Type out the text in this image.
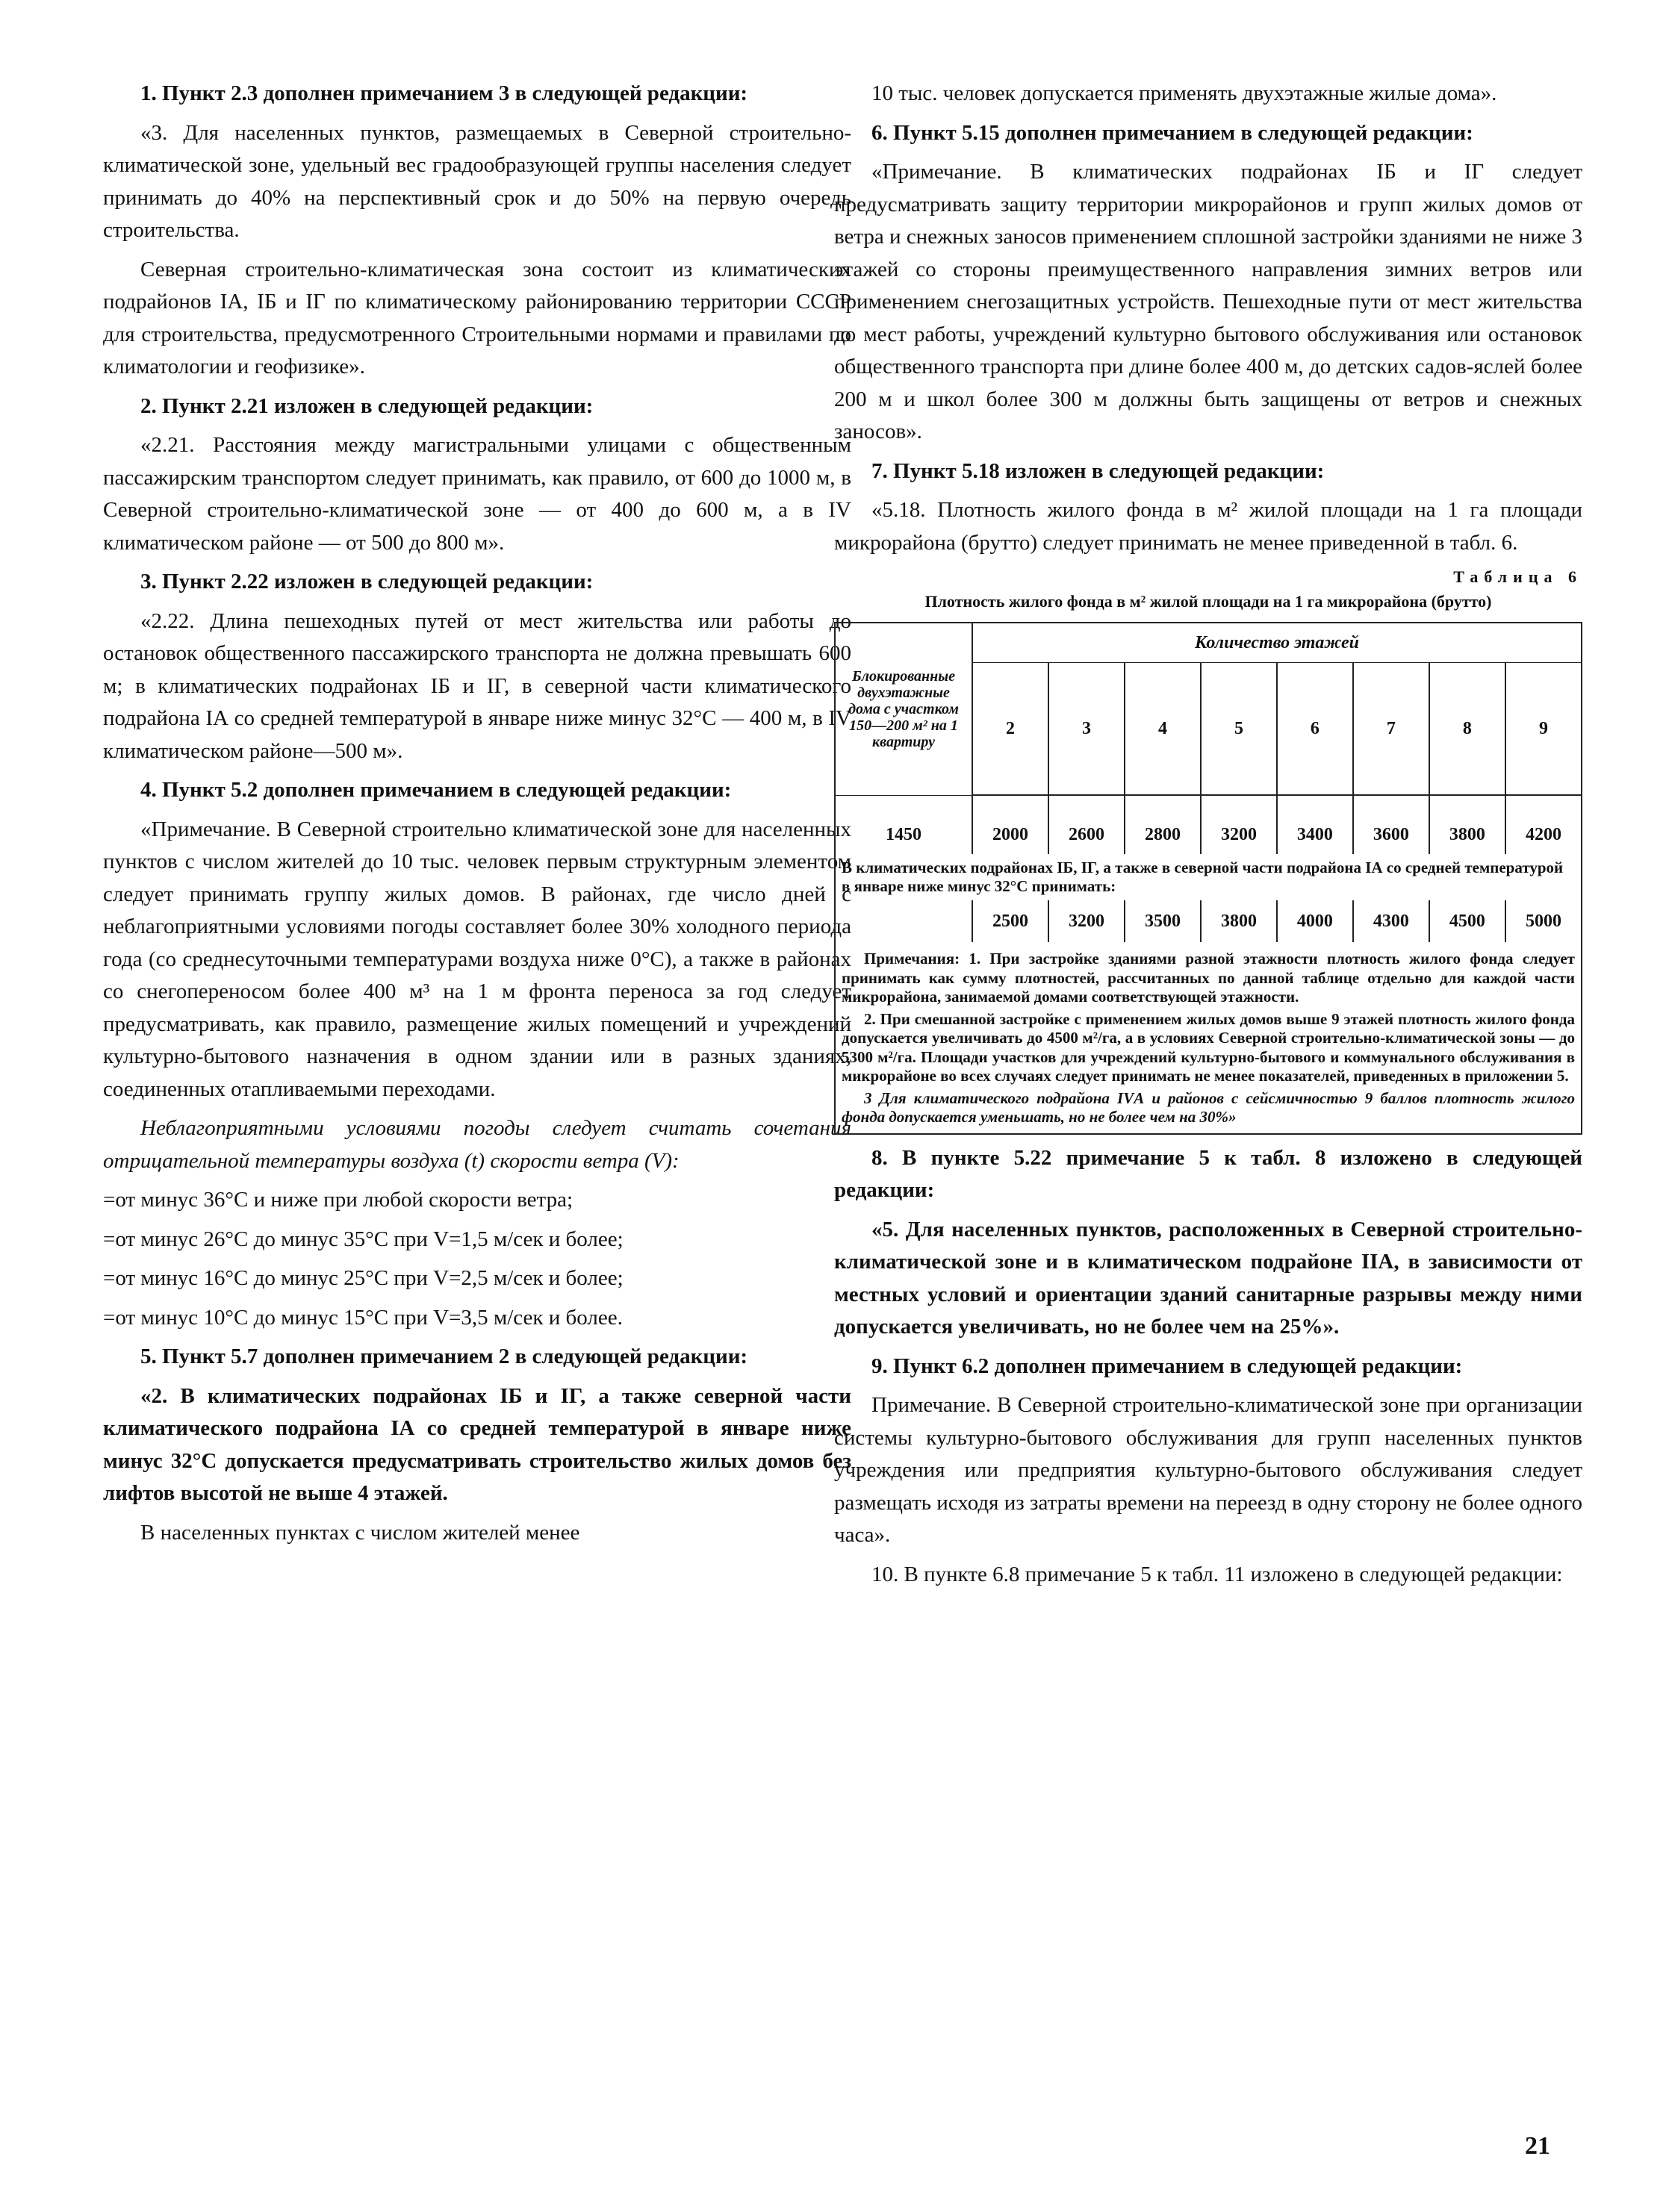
1. Пункт 2.3 дополнен примечанием 3 в следующей редакции:

«3. Для населенных пунктов, размещаемых в Северной строительно-климатической зоне, удельный вес градообразующей группы населения следует принимать до 40% на перспективный срок и до 50% на первую очередь строительства.

Северная строительно-климатическая зона состоит из климатических подрайонов IА, IБ и IГ по климатическому районированию территории СССР для строительства, предусмотренного Строительными нормами и правилами по климатологии и геофизике».

2. Пункт 2.21 изложен в следующей редакции:

«2.21. Расстояния между магистральными улицами с общественным пассажирским транспортом следует принимать, как правило, от 600 до 1000 м, в Северной строительно-климатической зоне — от 400 до 600 м, а в IV климатическом районе — от 500 до 800 м».

3. Пункт 2.22 изложен в следующей редакции:

«2.22. Длина пешеходных путей от мест жительства или работы до остановок общественного пассажирского транспорта не должна превышать 600 м; в климатических подрайонах IБ и IГ, в северной части климатического подрайона IА со средней температурой в январе ниже минус 32°С — 400 м, в IV климатическом районе—500 м».

4. Пункт 5.2 дополнен примечанием в следующей редакции:

«Примечание. В Северной строительно климатической зоне для населенных пунктов с числом жителей до 10 тыс. человек первым структурным элементом следует принимать группу жилых домов. В районах, где число дней с неблагоприятными условиями погоды составляет более 30% холодного периода года (со среднесуточными температурами воздуха ниже 0°С), а также в районах со снегопереносом более 400 м³ на 1 м фронта переноса за год следует предусматривать, как правило, размещение жилых помещений и учреждений культурно-бытового назначения в одном здании или в разных зданиях, соединенных отапливаемыми переходами.

Неблагоприятными условиями погоды следует считать сочетания отрицательной температуры воздуха (t) скорости ветра (V):

=от минус 36°С и ниже при любой скорости ветра;

=от минус 26°С до минус 35°С при V=1,5 м/сек и более;

=от минус 16°С до минус 25°С при V=2,5 м/сек и более;

=от минус 10°С до минус 15°С при V=3,5 м/сек и более.

5. Пункт 5.7 дополнен примечанием 2 в следующей редакции:

«2. В климатических подрайонах IБ и IГ, а также северной части климатического подрайона IА со средней температурой в январе ниже минус 32°С допускается предусматривать строительство жилых домов без лифтов высотой не выше 4 этажей.

В населенных пунктах с числом жителей менее

10 тыс. человек допускается применять двухэтажные жилые дома».

6. Пункт 5.15 дополнен примечанием в следующей редакции:

«Примечание. В климатических подрайонах IБ и IГ следует предусматривать защиту территории микрорайонов и групп жилых домов от ветра и снежных заносов применением сплошной застройки зданиями не ниже 3 этажей со стороны преимущественного направления зимних ветров или применением снегозащитных устройств. Пешеходные пути от мест жительства до мест работы, учреждений культурно бытового обслуживания или остановок общественного транспорта при длине более 400 м, до детских садов-яслей более 200 м и школ более 300 м должны быть защищены от ветров и снежных заносов».

7. Пункт 5.18 изложен в следующей редакции:

«5.18. Плотность жилого фонда в м² жилой площади на 1 га площади микрорайона (брутто) следует принимать не менее приведенной в табл. 6.

Таблица 6
Плотность жилого фонда в м² жилой площади на 1 га микрорайона (брутто)
Блокированные двухэтажные дома с участком 150—200 м² на 1 квартиру	Количество этажей							
	2	3	4	5	6	7	8	9

1450	2000	2600	2800	3200	3400	3600	3800	4200
В климатических подрайонах IБ, IГ, а также в северной части подрайона IА со средней температурой в январе ниже минус 32°С принимать:								
	2500	3200	3500	3800	4000	4300	4500	5000
Примечания: 1. При застройке зданиями разной этажности плотность жилого фонда следует принимать как сумму плотностей, рассчитанных по данной таблице отдельно для каждой части микрорайона, занимаемой домами соответствующей этажности.
2. При смешанной застройке с применением жилых домов выше 9 этажей плотность жилого фонда допускается увеличивать до 4500 м²/га, а в условиях Северной строительно-климатической зоны — до 5300 м²/га. Площади участков для учреждений культурно-бытового и коммунального обслуживания в микрорайоне во всех случаях следует принимать не менее показателей, приведенных в приложении 5.
3 Для климатического подрайона IVА и районов с сейсмичностью 9 баллов плотность жилого фонда допускается уменьшать, но не более чем на 30%»

8. В пункте 5.22 примечание 5 к табл. 8 изложено в следующей редакции:

«5. Для населенных пунктов, расположенных в Северной строительно-климатической зоне и в климатическом подрайоне IIА, в зависимости от местных условий и ориентации зданий санитарные разрывы между ними допускается увеличивать, но не более чем на 25%».

9. Пункт 6.2 дополнен примечанием в следующей редакции:

Примечание. В Северной строительно-климатической зоне при организации системы культурно-бытового обслуживания для групп населенных пунктов учреждения или предприятия культурно-бытового обслуживания следует размещать исходя из затраты времени на переезд в одну сторону не более одного часа».

10. В пункте 6.8 примечание 5 к табл. 11 изложено в следующей редакции:

21
